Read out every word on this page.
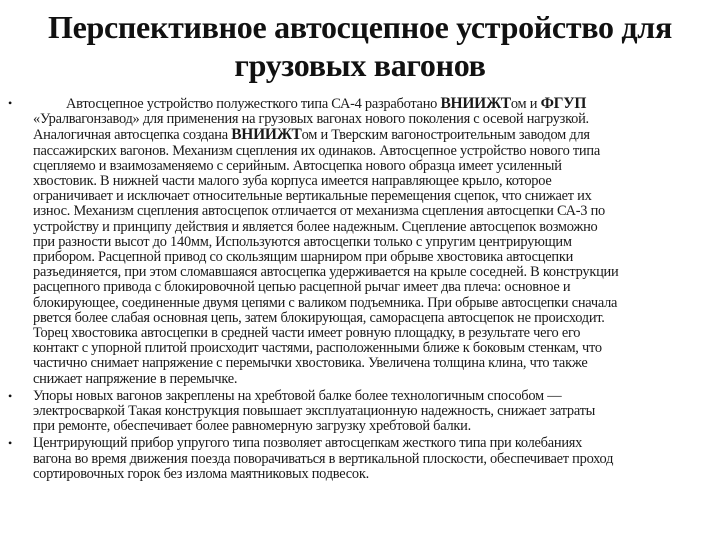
Перспективное автосцепное устройство для
грузовых вагонов
•	Автосцепное устройство полужесткого типа СА-4 разработано ВНИИЖТом и ФГУП
«Уралвагонзавод» для применения на грузовых вагонах нового поколения с осевой нагрузкой.
Аналогичная автосцепка создана ВНИИЖТом и Тверским вагоностроительным заводом для
пассажирских вагонов. Механизм сцепления их одинаков. Автосцепное устройство нового типа
сцепляемо и взаимозаменяемо с серийным. Автосцепка нового образца имеет усиленный
хвостовик. В нижней части малого зуба корпуса имеется направляющее крыло, которое
ограничивает и исключает относительные вертикальные перемещения сцепок, что снижает их
износ. Механизм сцепления автосцепок отличается от механизма сцепления автосцепки СА-3 по
устройству и принципу действия и является более надежным. Сцепление автосцепок возможно
при разности высот до 140мм, Используются автосцепки только с упругим центрирующим
прибором. Расцепной привод со скользящим шарниром при обрыве хвостовика автосцепки
разъединяется, при этом сломавшаяся автосцепка удерживается на крыле соседней. В конструкции
расцепного привода с блокировочной цепью расцепной рычаг имеет два плеча: основное и
блокирующее, соединенные двумя цепями с валиком подъемника. При обрыве автосцепки сначала
рвется более слабая основная цепь, затем блокирующая, саморасцепа автосцепок не происходит.
Торец хвостовика автосцепки в средней части имеет ровную площадку, в результате чего его
контакт с упорной плитой происходит частями, расположенными ближе к боковым стенкам, что
частично снимает напряжение с перемычки хвостовика. Увеличена толщина клина, что также
снижает напряжение в перемычке.
• Упоры новых вагонов закреплены на хребтовой балке более технологичным способом —
электросваркой Такая конструкция повышает эксплуатационную надежность, снижает затраты
при ремонте, обеспечивает более равномерную загрузку хребтовой балки.
• Центрирующий прибор упругого типа позволяет автосцепкам жесткого типа при колебаниях
вагона во время движения поезда поворачиваться в вертикальной плоскости, обеспечивает проход
сортировочных горок без излома маятниковых подвесок.
